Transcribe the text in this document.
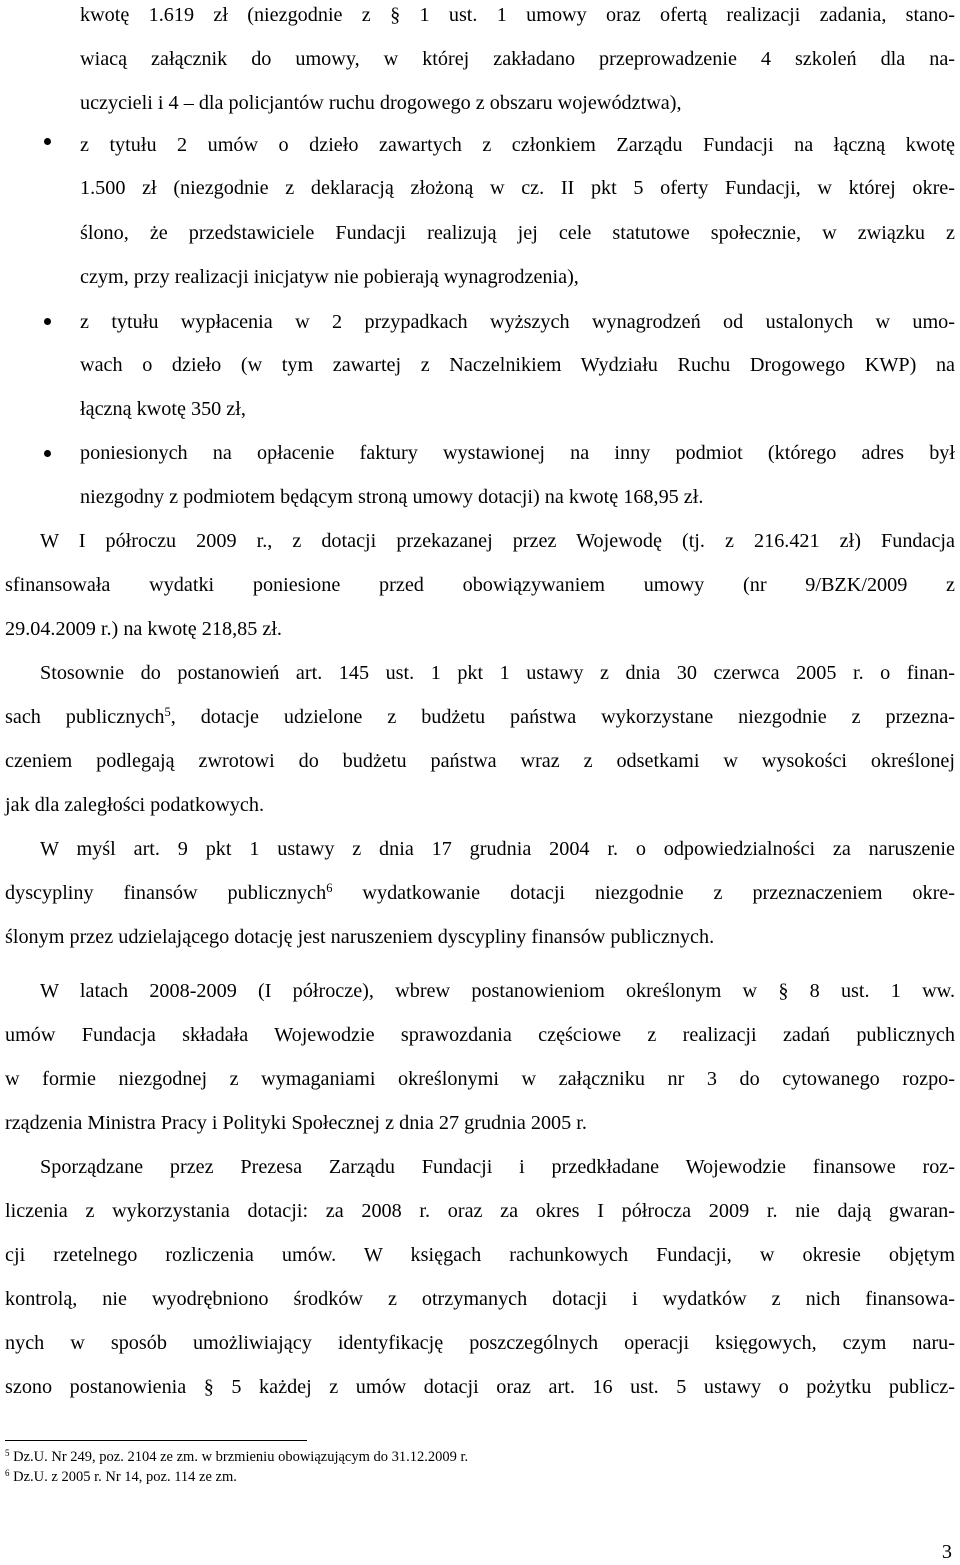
kwotę 1.619 zł (niezgodnie z § 1 ust. 1 umowy oraz ofertą realizacji zadania, stano-
wiacą załącznik do umowy, w której zakładano przeprowadzenie 4 szkoleń dla na-
uczycieli i 4 – dla policjantów ruchu drogowego z obszaru województwa),
z tytułu 2 umów o dzieło zawartych z członkiem Zarządu Fundacji na łączną kwotę
1.500 zł (niezgodnie z deklaracją złożoną w cz. II pkt 5 oferty Fundacji, w której okre-
ślono, że przedstawiciele Fundacji realizują jej cele statutowe społecznie, w związku z
czym, przy realizacji inicjatyw nie pobierają wynagrodzenia),
z tytułu wypłacenia w 2 przypadkach wyższych wynagrodzeń od ustalonych w umo-
wach o dzieło (w tym zawartej z Naczelnikiem Wydziału Ruchu Drogowego KWP) na
łączną kwotę 350 zł,
poniesionych na opłacenie faktury wystawionej na inny podmiot (którego adres był
niezgodny z podmiotem będącym stroną umowy dotacji) na kwotę 168,95 zł.
W I półroczu 2009 r., z dotacji przekazanej przez Wojewodę (tj. z 216.421 zł) Fundacja
sfinansowała wydatki poniesione przed obowiązywaniem umowy (nr 9/BZK/2009 z
29.04.2009 r.) na kwotę 218,85 zł.
Stosownie do postanowień art. 145 ust. 1 pkt 1 ustawy z dnia 30 czerwca 2005 r. o finan-
sach publicznych$^5$, dotacje udzielone z budżetu państwa wykorzystane niezgodnie z przezna-
czeniem podlegają zwrotowi do budżetu państwa wraz z odsetkami w wysokości określonej
jak dla zaległości podatkowych.
W myśl art. 9 pkt 1 ustawy z dnia 17 grudnia 2004 r. o odpowiedzialności za naruszenie
dyscypliny finansów publicznych$^6$ wydatkowanie dotacji niezgodnie z przeznaczeniem okre-
ślonym przez udzielającego dotację jest naruszeniem dyscypliny finansów publicznych.
W latach 2008-2009 (I półrocze), wbrew postanowieniom określonym w § 8 ust. 1 ww.
umów Fundacja składała Wojewodzie sprawozdania częściowe z realizacji zadań publicznych
w formie niezgodnej z wymaganiami określonymi w załączniku nr 3 do cytowanego rozpo-
rządzenia Ministra Pracy i Polityki Społecznej z dnia 27 grudnia 2005 r.
Sporządzane przez Prezesa Zarządu Fundacji i przedkładane Wojewodzie finansowe roz-
liczenia z wykorzystania dotacji: za 2008 r. oraz za okres I półrocza 2009 r. nie dają gwaran-
cji rzetelnego rozliczenia umów. W księgach rachunkowych Fundacji, w okresie objętym
kontrolą, nie wyodrębniono środków z otrzymanych dotacji i wydatków z nich finansowa-
nych w sposób umożliwiający identyfikację poszczególnych operacji księgowych, czym naru-
szono postanowienia § 5 każdej z umów dotacji oraz art. 16 ust. 5 ustawy o pożytku publicz-
$^5$ Dz.U. Nr 249, poz. 2104 ze zm. w brzmieniu obowiązującym do 31.12.2009 r.
$^6$ Dz.U. z 2005 r. Nr 14, poz. 114 ze zm.
3
